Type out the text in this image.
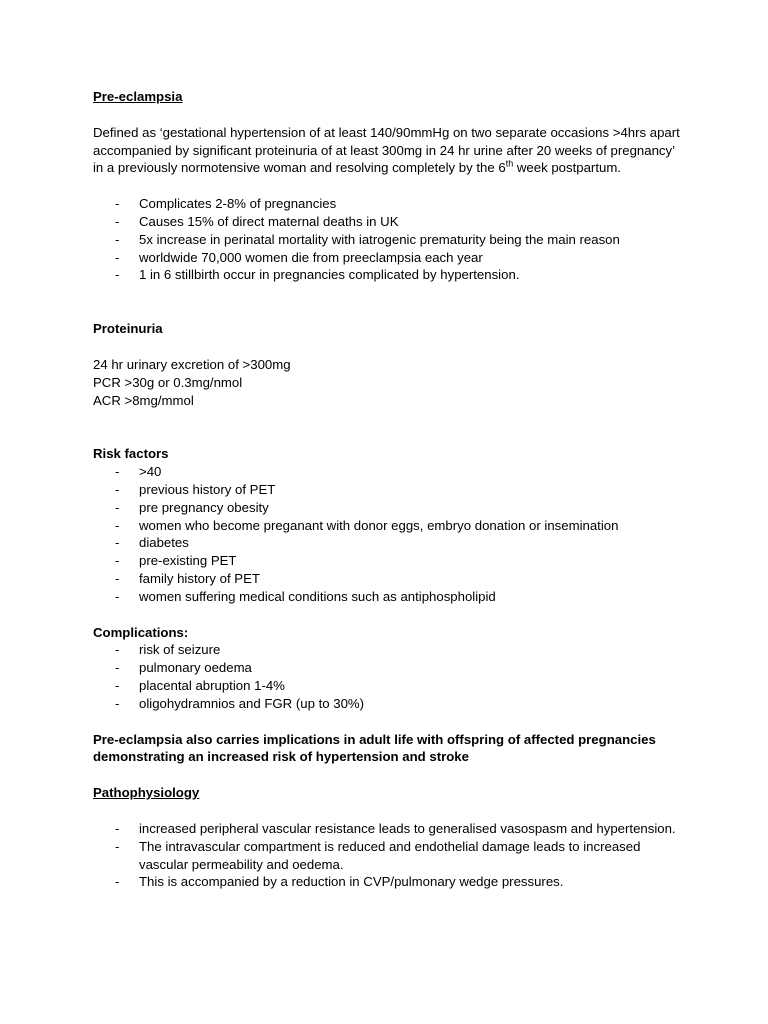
Pre-eclampsia

Defined as ‘gestational hypertension of at least 140/90mmHg on two separate occasions >4hrs apart accompanied by significant proteinuria of at least 300mg in 24 hr urine after 20 weeks of pregnancy’ in a previously normotensive woman and resolving completely by the 6th week postpartum.

- Complicates 2-8% of pregnancies
- Causes 15% of direct maternal deaths in UK
- 5x increase in perinatal mortality with iatrogenic prematurity being the main reason
- worldwide 70,000 women die from preeclampsia each year
- 1 in 6 stillbirth occur in pregnancies complicated by hypertension.

Proteinuria

24 hr urinary excretion of >300mg

PCR >30g or 0.3mg/nmol

ACR >8mg/mmol

Risk factors

- >40
- previous history of PET
- pre pregnancy obesity
- women who become preganant with donor eggs, embryo donation or insemination
- diabetes
- pre-existing PET
- family history of PET
- women suffering medical conditions such as antiphospholipid

Complications:

- risk of seizure
- pulmonary oedema
- placental abruption 1-4%
- oligohydramnios and FGR (up to 30%)

Pre-eclampsia also carries implications in adult life with offspring of affected pregnancies demonstrating an increased risk of hypertension and stroke

Pathophysiology

- increased peripheral vascular resistance leads to generalised vasospasm and hypertension.
- The intravascular compartment is reduced and endothelial damage leads to increased vascular permeability and oedema.
- This is accompanied by a reduction in CVP/pulmonary wedge pressures.
